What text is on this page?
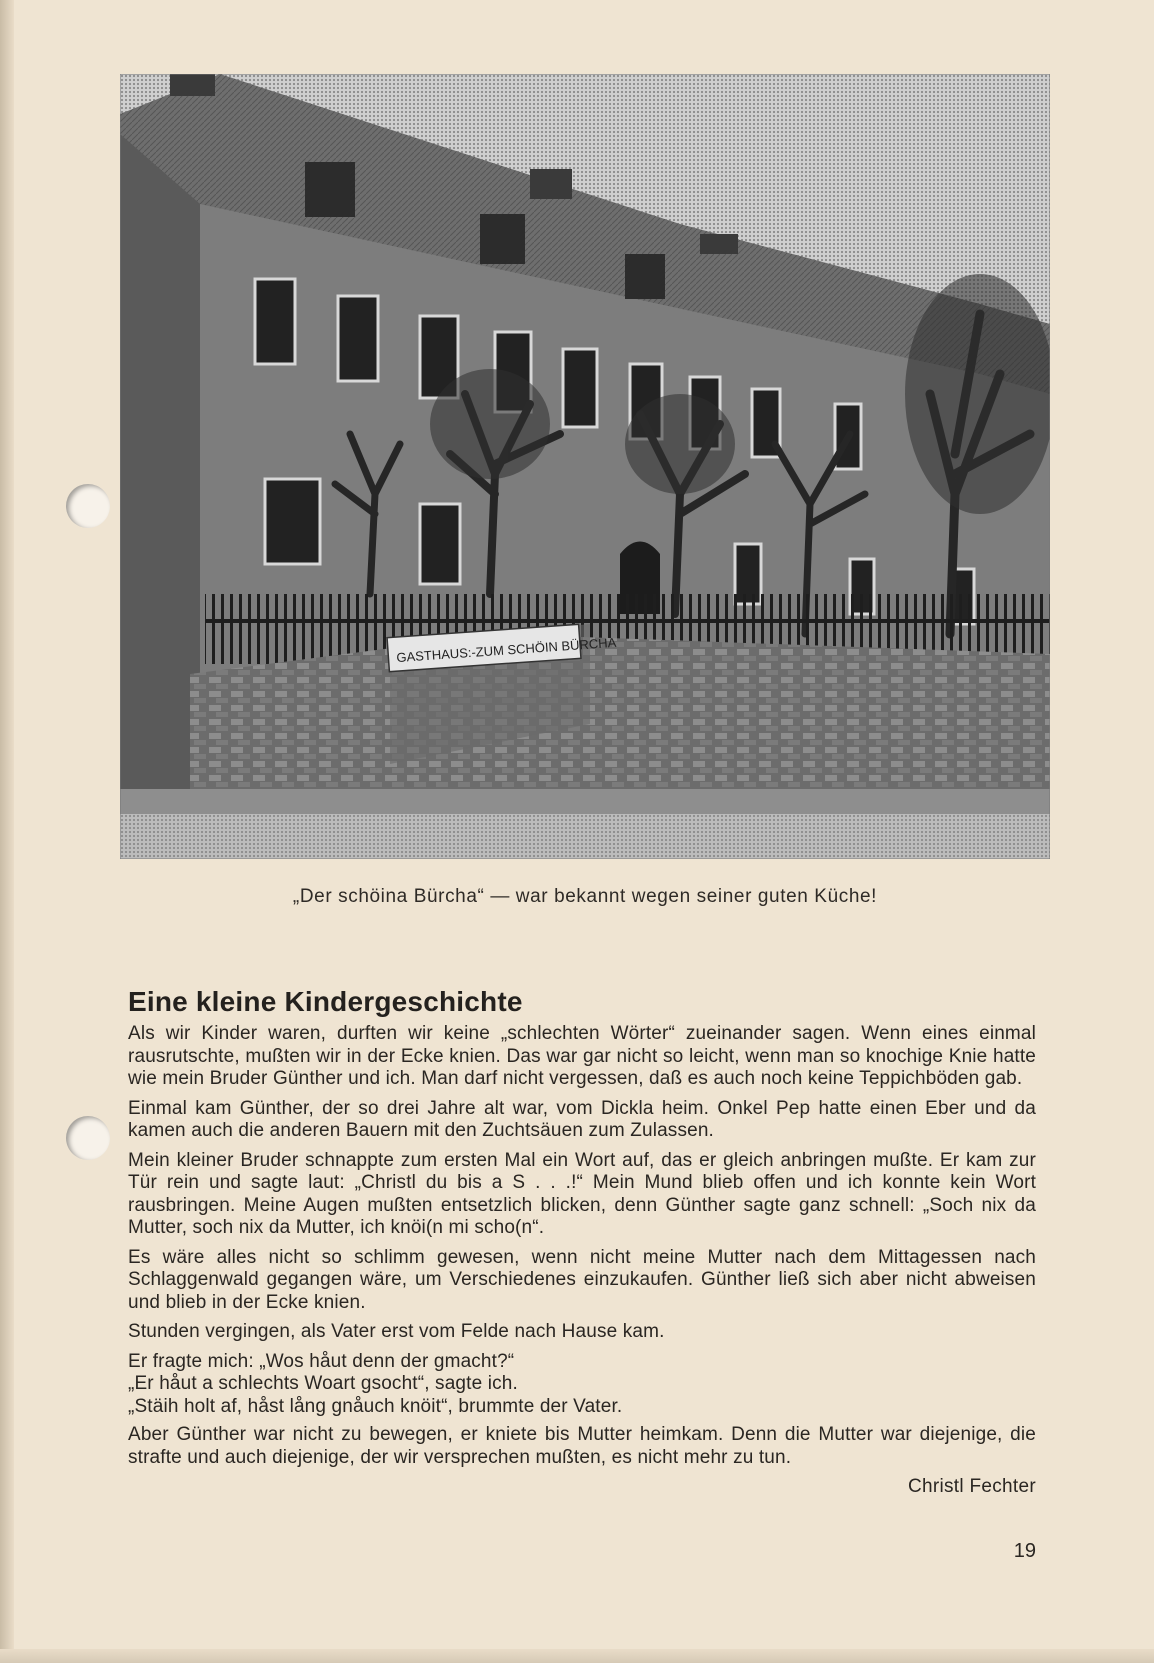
GASTHAUS:-ZUM SCHÖIN BÜRCHA
„Der schöina Bürcha“ — war bekannt wegen seiner guten Küche!
Eine kleine Kindergeschichte

Als wir Kinder waren, durften wir keine „schlechten Wörter“ zueinander sagen. Wenn eines einmal rausrutschte, mußten wir in der Ecke knien. Das war gar nicht so leicht, wenn man so knochige Knie hatte wie mein Bruder Günther und ich. Man darf nicht vergessen, daß es auch noch keine Teppichböden gab.

Einmal kam Günther, der so drei Jahre alt war, vom Dickla heim. Onkel Pep hatte einen Eber und da kamen auch die anderen Bauern mit den Zuchtsäuen zum Zulassen.

Mein kleiner Bruder schnappte zum ersten Mal ein Wort auf, das er gleich anbringen mußte. Er kam zur Tür rein und sagte laut: „Christl du bis a S . . .!“ Mein Mund blieb offen und ich konnte kein Wort rausbringen. Meine Augen mußten entsetzlich blicken, denn Günther sagte ganz schnell: „Soch nix da Mutter, soch nix da Mutter, ich knöi(n mi scho(n“.

Es wäre alles nicht so schlimm gewesen, wenn nicht meine Mutter nach dem Mittagessen nach Schlaggenwald gegangen wäre, um Verschiedenes einzukaufen. Günther ließ sich aber nicht abweisen und blieb in der Ecke knien.

Stunden vergingen, als Vater erst vom Felde nach Hause kam.

Er fragte mich: „Wos håut denn der gmacht?“

„Er håut a schlechts Woart gsocht“, sagte ich.

„Stäih holt af, håst lång gnåuch knöit“, brummte der Vater.

Aber Günther war nicht zu bewegen, er kniete bis Mutter heimkam. Denn die Mutter war diejenige, die strafte und auch diejenige, der wir versprechen mußten, es nicht mehr zu tun.

Christl Fechter
19
